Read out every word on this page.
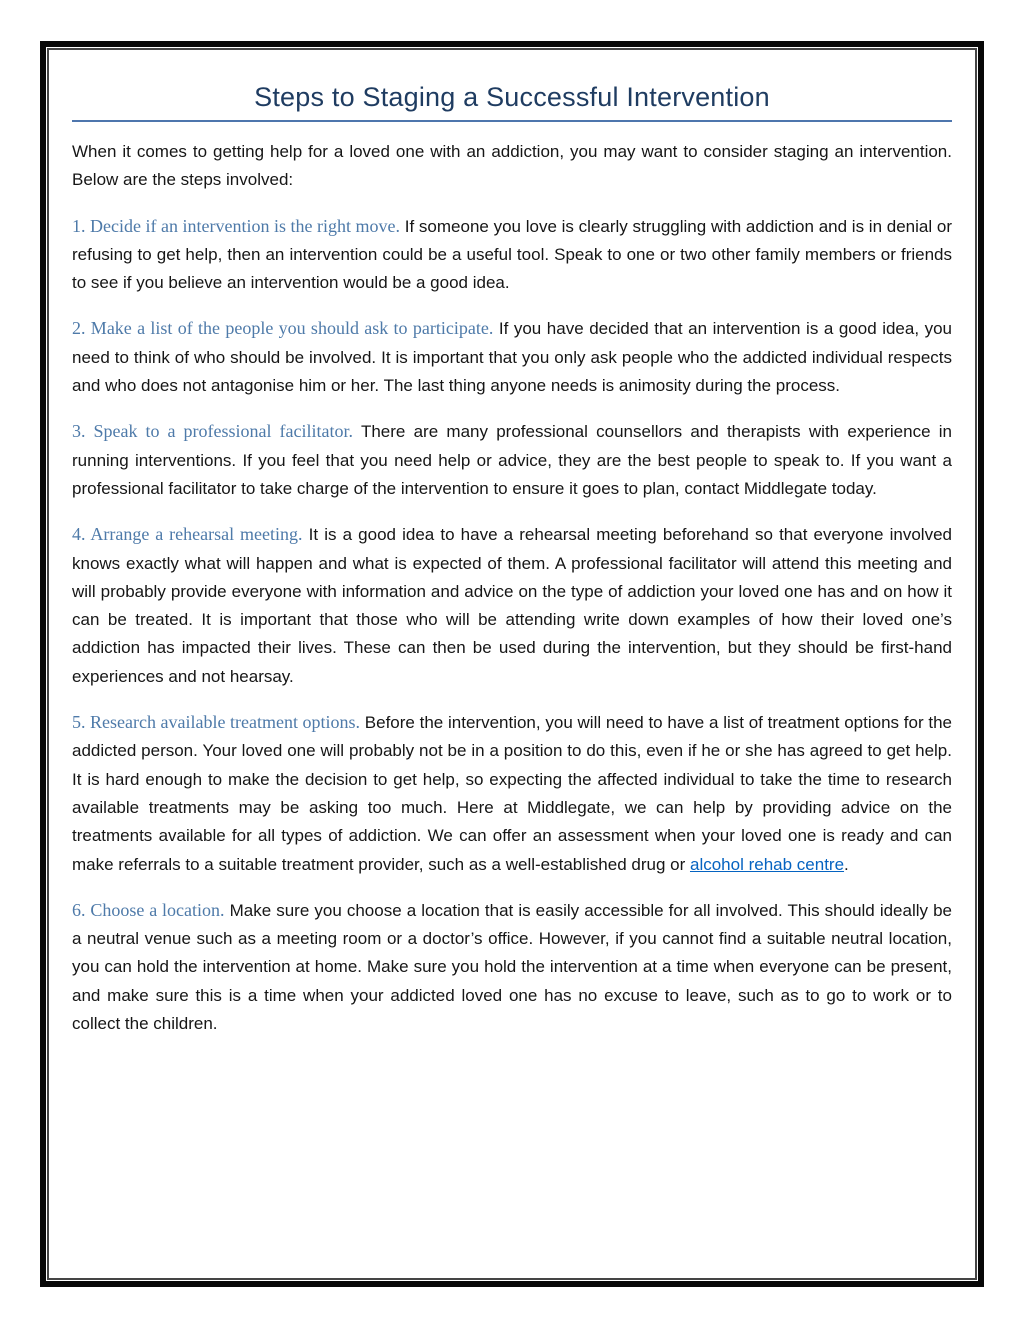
Steps to Staging a Successful Intervention

When it comes to getting help for a loved one with an addiction, you may want to consider staging an intervention. Below are the steps involved:

1. Decide if an intervention is the right move. If someone you love is clearly struggling with addiction and is in denial or refusing to get help, then an intervention could be a useful tool. Speak to one or two other family members or friends to see if you believe an intervention would be a good idea.

2. Make a list of the people you should ask to participate. If you have decided that an intervention is a good idea, you need to think of who should be involved. It is important that you only ask people who the addicted individual respects and who does not antagonise him or her. The last thing anyone needs is animosity during the process.

3. Speak to a professional facilitator. There are many professional counsellors and therapists with experience in running interventions. If you feel that you need help or advice, they are the best people to speak to. If you want a professional facilitator to take charge of the intervention to ensure it goes to plan, contact Middlegate today.

4. Arrange a rehearsal meeting. It is a good idea to have a rehearsal meeting beforehand so that everyone involved knows exactly what will happen and what is expected of them. A professional facilitator will attend this meeting and will probably provide everyone with information and advice on the type of addiction your loved one has and on how it can be treated. It is important that those who will be attending write down examples of how their loved one’s addiction has impacted their lives. These can then be used during the intervention, but they should be first-hand experiences and not hearsay.

5. Research available treatment options. Before the intervention, you will need to have a list of treatment options for the addicted person. Your loved one will probably not be in a position to do this, even if he or she has agreed to get help. It is hard enough to make the decision to get help, so expecting the affected individual to take the time to research available treatments may be asking too much. Here at Middlegate, we can help by providing advice on the treatments available for all types of addiction. We can offer an assessment when your loved one is ready and can make referrals to a suitable treatment provider, such as a well-established drug or alcohol rehab centre.

6. Choose a location. Make sure you choose a location that is easily accessible for all involved. This should ideally be a neutral venue such as a meeting room or a doctor’s office. However, if you cannot find a suitable neutral location, you can hold the intervention at home. Make sure you hold the intervention at a time when everyone can be present, and make sure this is a time when your addicted loved one has no excuse to leave, such as to go to work or to collect the children.
